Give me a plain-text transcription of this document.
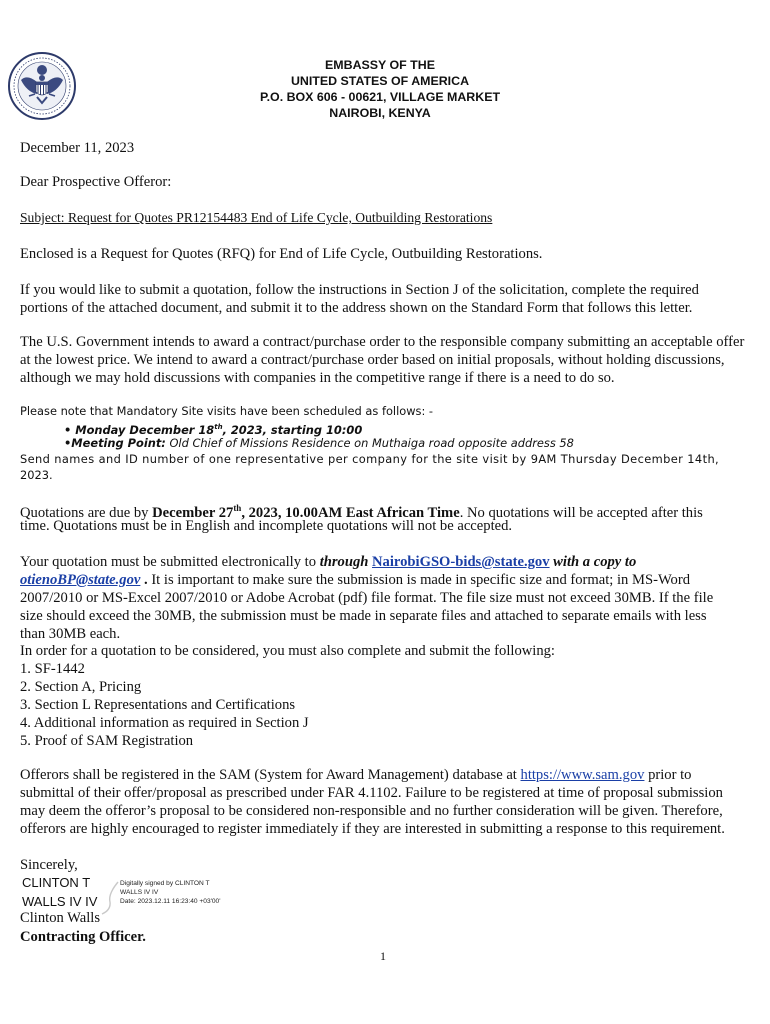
EMBASSY OF THE
UNITED STATES OF AMERICA
P.O. BOX 606 - 00621, VILLAGE MARKET
NAIROBI, KENYA
December 11, 2023
Dear Prospective Offeror:
Subject: Request for Quotes PR12154483 End of Life Cycle, Outbuilding Restorations
Enclosed is a Request for Quotes (RFQ) for End of Life Cycle, Outbuilding Restorations.
If you would like to submit a quotation, follow the instructions in Section J of the solicitation, complete the required portions of the attached document, and submit it to the address shown on the Standard Form that follows this letter.
The U.S. Government intends to award a contract/purchase order to the responsible company submitting an acceptable offer at the lowest price. We intend to award a contract/purchase order based on initial proposals, without holding discussions, although we may hold discussions with companies in the competitive range if there is a need to do so.
Please note that Mandatory Site visits have been scheduled as follows: -
• Monday December 18th, 2023, starting 10:00
•Meeting Point: Old Chief of Missions Residence on Muthaiga road opposite address 58
Send names and ID number of one representative per company for the site visit by 9AM Thursday December 14th,
2023.
Quotations are due by December 27th, 2023, 10.00AM East African Time. No quotations will be accepted after this
time. Quotations must be in English and incomplete quotations will not be accepted.
Your quotation must be submitted electronically to through NairobiGSO-bids@state.gov with a copy to
otienoBP@state.gov . It is important to make sure the submission is made in specific size and format; in MS-Word
2007/2010 or MS-Excel 2007/2010 or Adobe Acrobat (pdf) file format. The file size must not exceed 30MB. If the file
size should exceed the 30MB, the submission must be made in separate files and attached to separate emails with less
than 30MB each.
In order for a quotation to be considered, you must also complete and submit the following:
1. SF-1442
2. Section A, Pricing
3. Section L Representations and Certifications
4. Additional information as required in Section J
5. Proof of SAM Registration
Offerors shall be registered in the SAM (System for Award Management) database at https://www.sam.gov prior to
submittal of their offer/proposal as prescribed under FAR 4.1102. Failure to be registered at time of proposal submission
may deem the offeror’s proposal to be considered non-responsible and no further consideration will be given. Therefore,
offerors are highly encouraged to register immediately if they are interested in submitting a response to this requirement.
Sincerely,
CLINTON T
WALLS IV IV
Digitally signed by CLINTON T
WALLS IV IV
Date: 2023.12.11 16:23:40 +03'00'
Clinton Walls
Contracting Officer.
1
